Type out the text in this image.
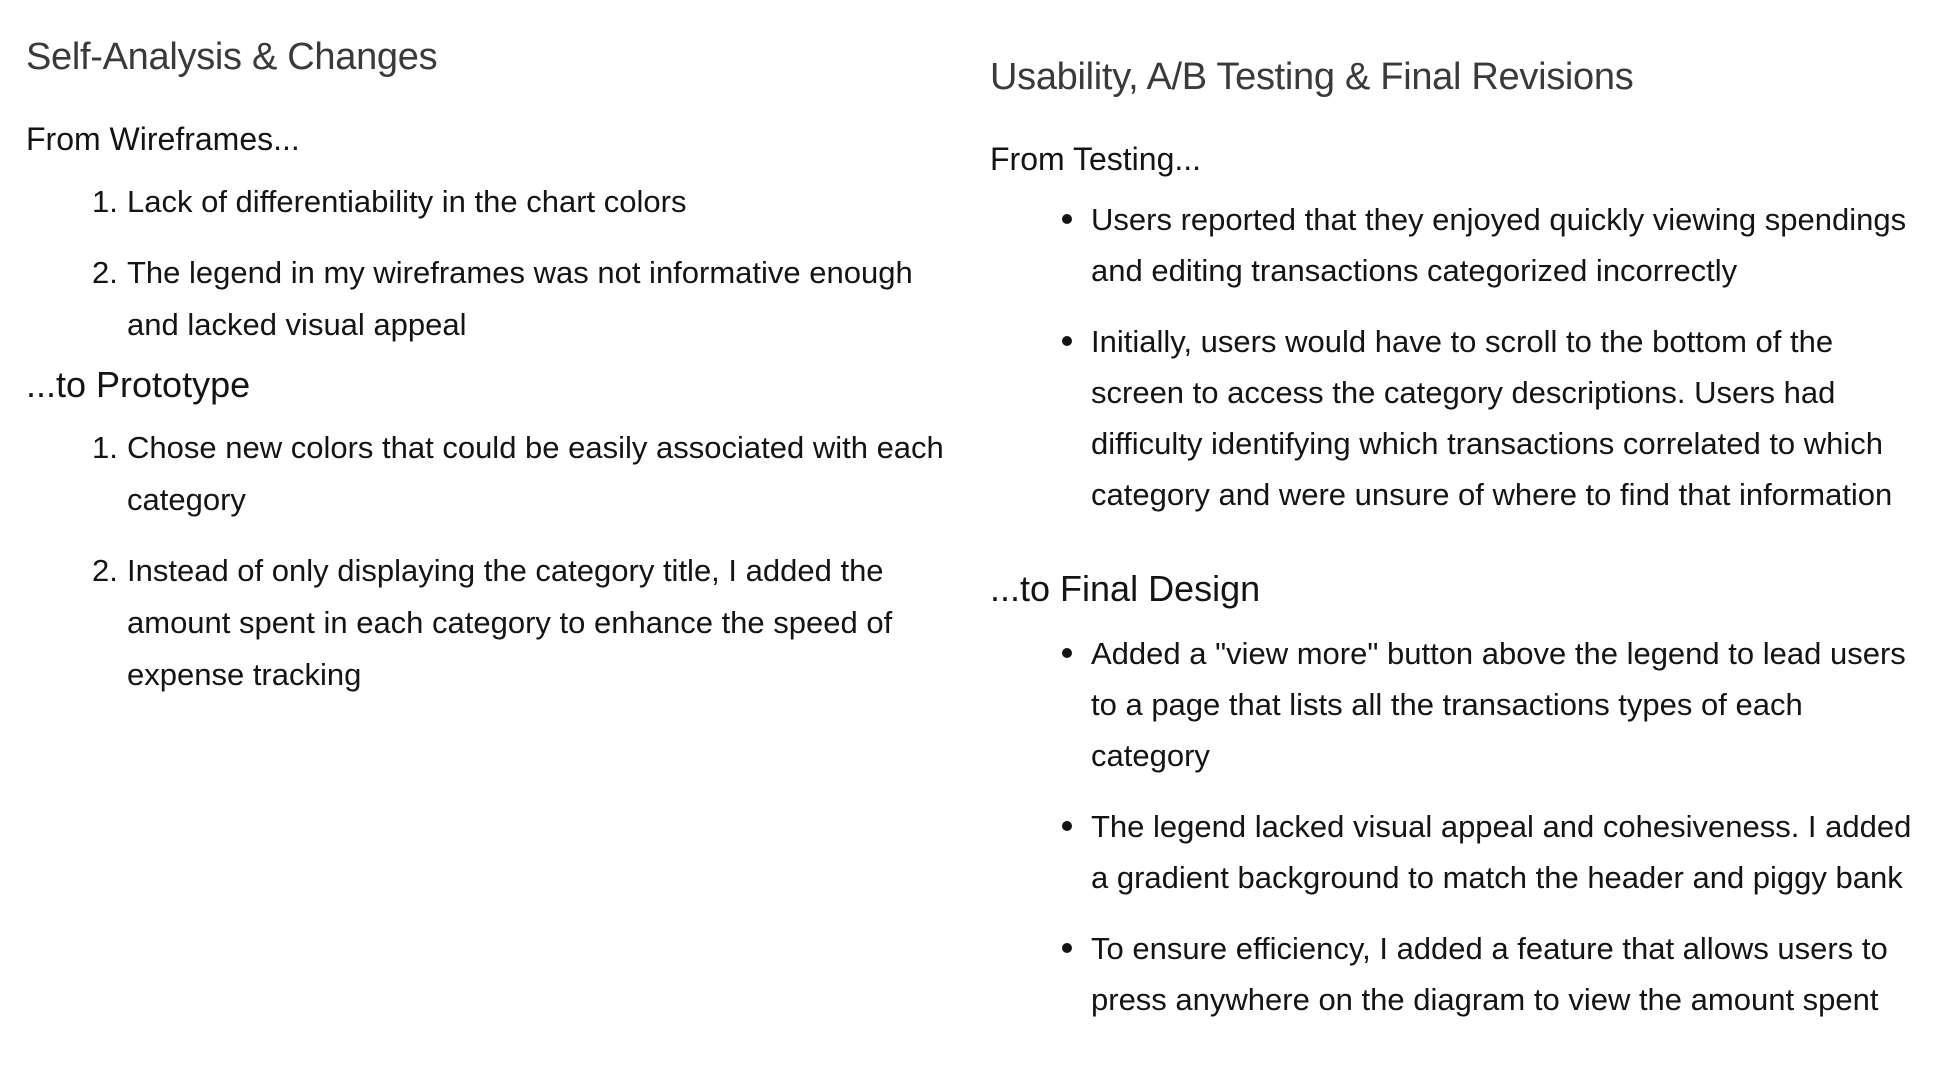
Self-Analysis & Changes

From Wireframes...

1. Lack of differentiability in the chart colors
2. The legend in my wireframes was not informative enough and lacked visual appeal

...to Prototype

1. Chose new colors that could be easily associated with each category
2. Instead of only displaying the category title, I added the amount spent in each category to enhance the speed of expense tracking
Usability, A/B Testing & Final Revisions

From Testing...

Users reported that they enjoyed quickly viewing spendings and editing transactions categorized incorrectly
Initially, users would have to scroll to the bottom of the screen to access the category descriptions. Users had difficulty identifying which transactions correlated to which category and were unsure of where to find that information

...to Final Design

Added a "view more" button above the legend to lead users to a page that lists all the transactions types of each category
The legend lacked visual appeal and cohesiveness. I added a gradient background to match the header and piggy bank
To ensure efficiency, I added a feature that allows users to press anywhere on the diagram to view the amount spent
